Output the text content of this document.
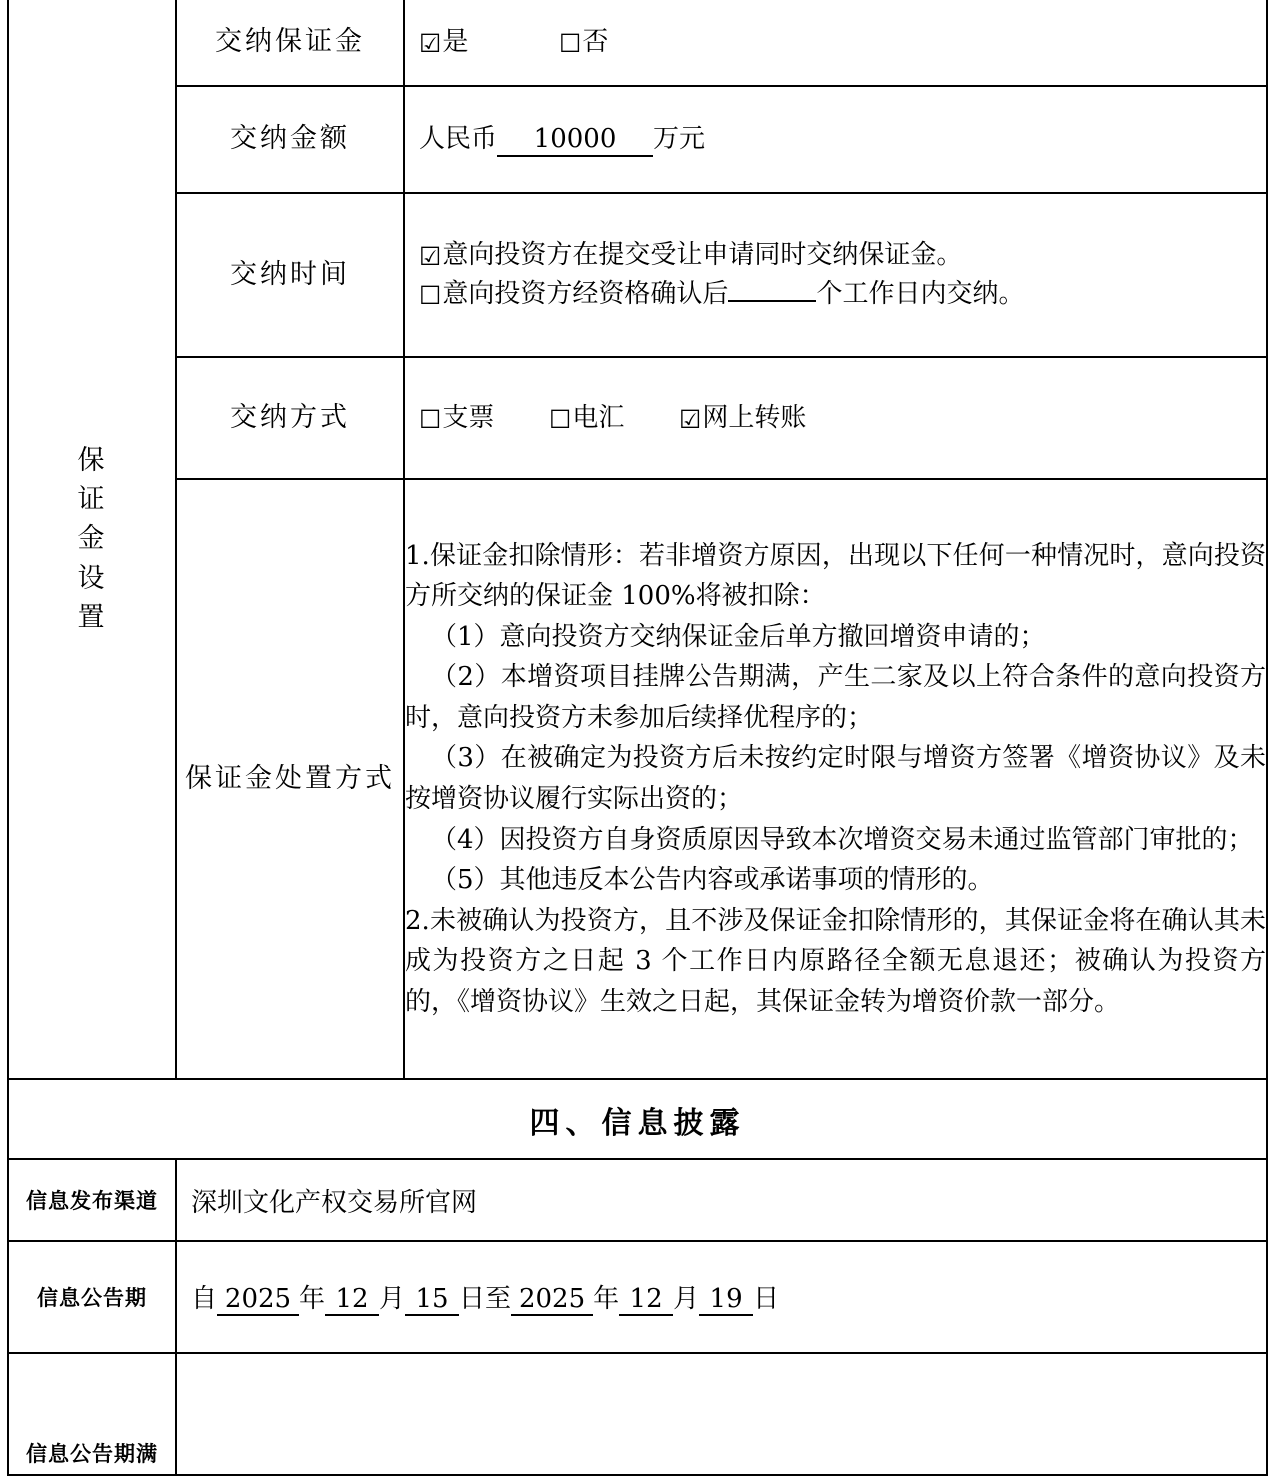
保
证
金
设
置	交纳保证金	☑是 ☐否

	交纳金额	人民币 10000 万元

	交纳时间	☑意向投资方在提交受让申请同时交纳保证金。
☐意向投资方经资格确认后 个工作日内交纳。

	交纳方式	☐支票 ☐电汇 ☑网上转账

保证金处置方式

1.保证金扣除情形：若非增资方原因，出现以下任何一种情况时，意向投资方所交纳的保证金 100%将被扣除：

（1）意向投资方交纳保证金后单方撤回增资申请的；

（2）本增资项目挂牌公告期满，产生二家及以上符合条件的意向投资方时，意向投资方未参加后续择优程序的；

（3）在被确定为投资方后未按约定时限与增资方签署《增资协议》及未按增资协议履行实际出资的；

（4）因投资方自身资质原因导致本次增资交易未通过监管部门审批的；

（5）其他违反本公告内容或承诺事项的情形的。

2.未被确认为投资方，且不涉及保证金扣除情形的，其保证金将在确认其未成为投资方之日起 3 个工作日内原路径全额无息退还；被确认为投资方的，《增资协议》生效之日起，其保证金转为增资价款一部分。

四、信息披露		

信息发布渠道	深圳文化产权交易所官网	

信息公告期	自 2025 年 12 月 15 日至 2025 年 12 月 19 日	

信息公告期满		
